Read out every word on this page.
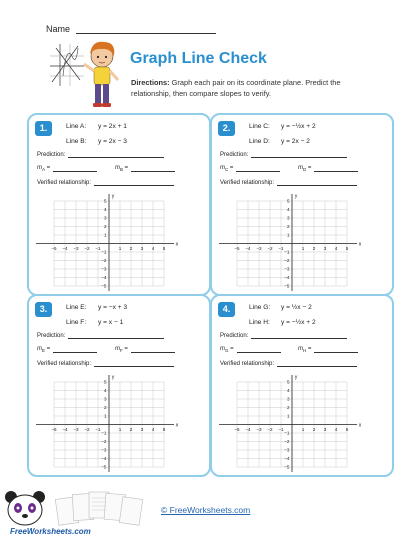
Name
Graph Line Check
Directions: Graph each pair on its coordinate plane. Predict the relationship, then compare slopes to verify.
1.	Line A: y = 2x + 1
Line B: y = 2x − 3
Prediction:
$m_A$ =	$m_B$ =
Verified relationship:
−5 −4 −3 −2 −1	1 2 3 4 5
5
4
3
2
1
−1
−2
−3
−4
−5
x
y
2.	Line C: y = −½x + 2
Line D: y = 2x − 2
Prediction:
$m_C$ =	$m_D$ =
Verified relationship:
−5 −4 −3 −2 −1	1 2 3 4 5
5
4
3
2
1
−1
−2
−3
−4
−5
x
y
3.	Line E: y = −x + 3
Line F: y = x − 1
Prediction:
$m_E$ =	$m_F$ =
Verified relationship:
−5 −4 −3 −2 −1	1 2 3 4 5
5
4
3
2
1
−1
−2
−3
−4
−5
x
y
4.	Line G: y = ½x − 2
Line H: y = −½x + 2
Prediction:
$m_G$ =	$m_H$ =
Verified relationship:
−5 −4 −3 −2 −1	1 2 3 4 5
5
4
3
2
1
−1
−2
−3
−4
−5
x
y
FreeWorksheets.com
© FreeWorksheets.com
